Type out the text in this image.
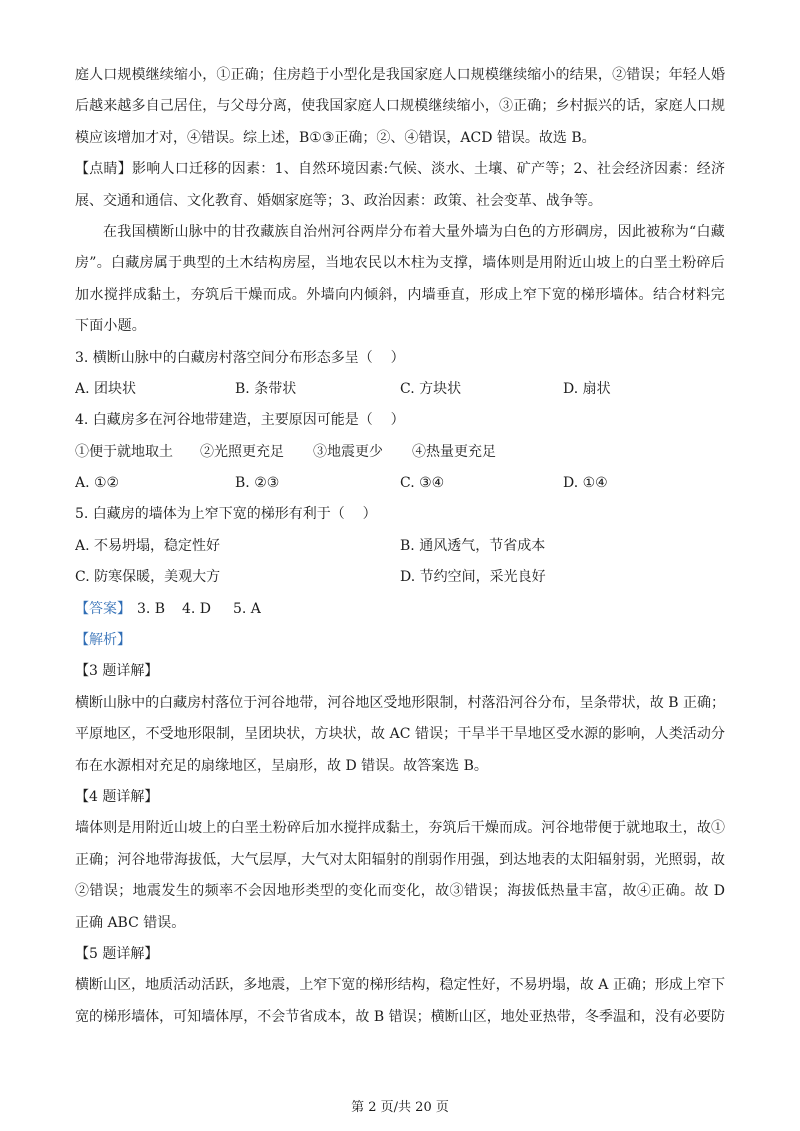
庭人口规模继续缩小，①正确；住房趋于小型化是我国家庭人口规模继续缩小的结果，②错误；年轻人婚
后越来越多自己居住，与父母分离，使我国家庭人口规模继续缩小，③正确；乡村振兴的话，家庭人口规
模应该增加才对，④错误。综上述，B①③正确；②、④错误，ACD 错误。故选 B。
【点睛】影响人口迁移的因素：1、自然环境因素:气候、淡水、土壤、矿产等；2、社会经济因素：经济
展、交通和通信、文化教育、婚姻家庭等；3、政治因素：政策、社会变革、战争等。
在我国横断山脉中的甘孜藏族自治州河谷两岸分布着大量外墙为白色的方形碉房，因此被称为“白藏
房”。白藏房属于典型的土木结构房屋，当地农民以木柱为支撑，墙体则是用附近山坡上的白垩土粉碎后
加水搅拌成黏土，夯筑后干燥而成。外墙向内倾斜，内墙垂直，形成上窄下宽的梯形墙体。结合材料完
下面小题。
3. 横断山脉中的白藏房村落空间分布形态多呈（    ）
A. 团块状	B. 条带状	C. 方块状	D. 扇状
4. 白藏房多在河谷地带建造，主要原因可能是（    ）
①便于就地取土 ②光照更充足 ③地震更少 ④热量更充足
A. ①②	B. ②③	C. ③④	D. ①④
5. 白藏房的墙体为上窄下宽的梯形有利于（    ）
A. 不易坍塌，稳定性好	B. 通风透气，节省成本
C. 防寒保暖，美观大方	D. 节约空间，采光良好
【答案】 3. B 4. D 5. A
【解析】
【3 题详解】
横断山脉中的白藏房村落位于河谷地带，河谷地区受地形限制，村落沿河谷分布，呈条带状，故 B 正确；
平原地区，不受地形限制，呈团块状，方块状，故 AC 错误；干旱半干旱地区受水源的影响，人类活动分
布在水源相对充足的扇缘地区，呈扇形，故 D 错误。故答案选 B。
【4 题详解】
墙体则是用附近山坡上的白垩土粉碎后加水搅拌成黏土，夯筑后干燥而成。河谷地带便于就地取土，故①
正确；河谷地带海拔低，大气层厚，大气对太阳辐射的削弱作用强，到达地表的太阳辐射弱，光照弱，故
②错误；地震发生的频率不会因地形类型的变化而变化，故③错误；海拔低热量丰富，故④正确。故 D
正确 ABC 错误。
【5 题详解】
横断山区，地质活动活跃，多地震，上窄下宽的梯形结构，稳定性好，不易坍塌，故 A 正确；形成上窄下
宽的梯形墙体，可知墙体厚，不会节省成本，故 B 错误；横断山区，地处亚热带，冬季温和，没有必要防
第 2 页/共 20 页
